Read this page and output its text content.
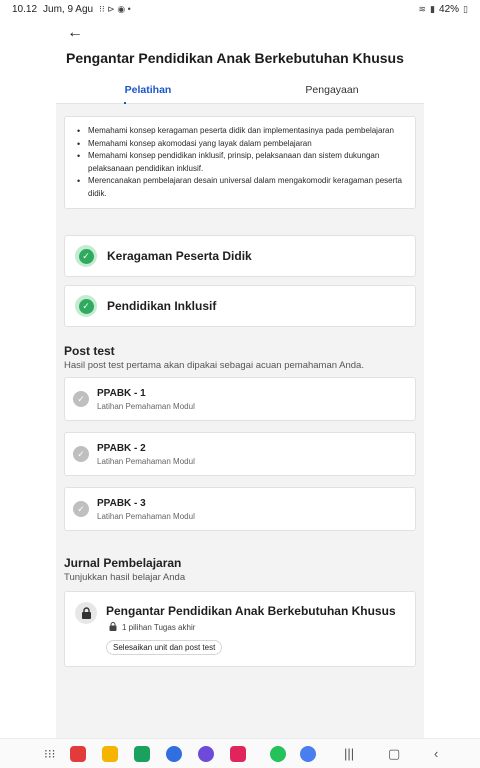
10.12 Jum, 9 Agu ⁝⁝ ⊳ ◉ •	≋ ▮ 42% ▯
←
Pengantar Pendidikan Anak Berkebutuhan Khusus
Pelatihan	Pengayaan
• Memahami konsep keragaman peserta didik dan implementasinya pada pembelajaran
• Memahami konsep akomodasi yang layak dalam pembelajaran
• Memahami konsep pendidikan inklusif, prinsip, pelaksanaan dan sistem dukungan pelaksanaan pendidikan inklusif.
• Merencanakan pembelajaran desain universal dalam mengakomodir keragaman peserta didik.
✓	Keragaman Peserta Didik
✓	Pendidikan Inklusif
Post test
Hasil post test pertama akan dipakai sebagai acuan pemahaman Anda.
✓
PPABK - 1
Latihan Pemahaman Modul
✓
PPABK - 2
Latihan Pemahaman Modul
✓
PPABK - 3
Latihan Pemahaman Modul
Jurnal Pembelajaran
Tunjukkan hasil belajar Anda
Pengantar Pendidikan Anak Berkebutuhan Khusus
1 pilihan Tugas akhir
Selesaikan unit dan post test
⁝⁝⁝	|||	▢	‹
